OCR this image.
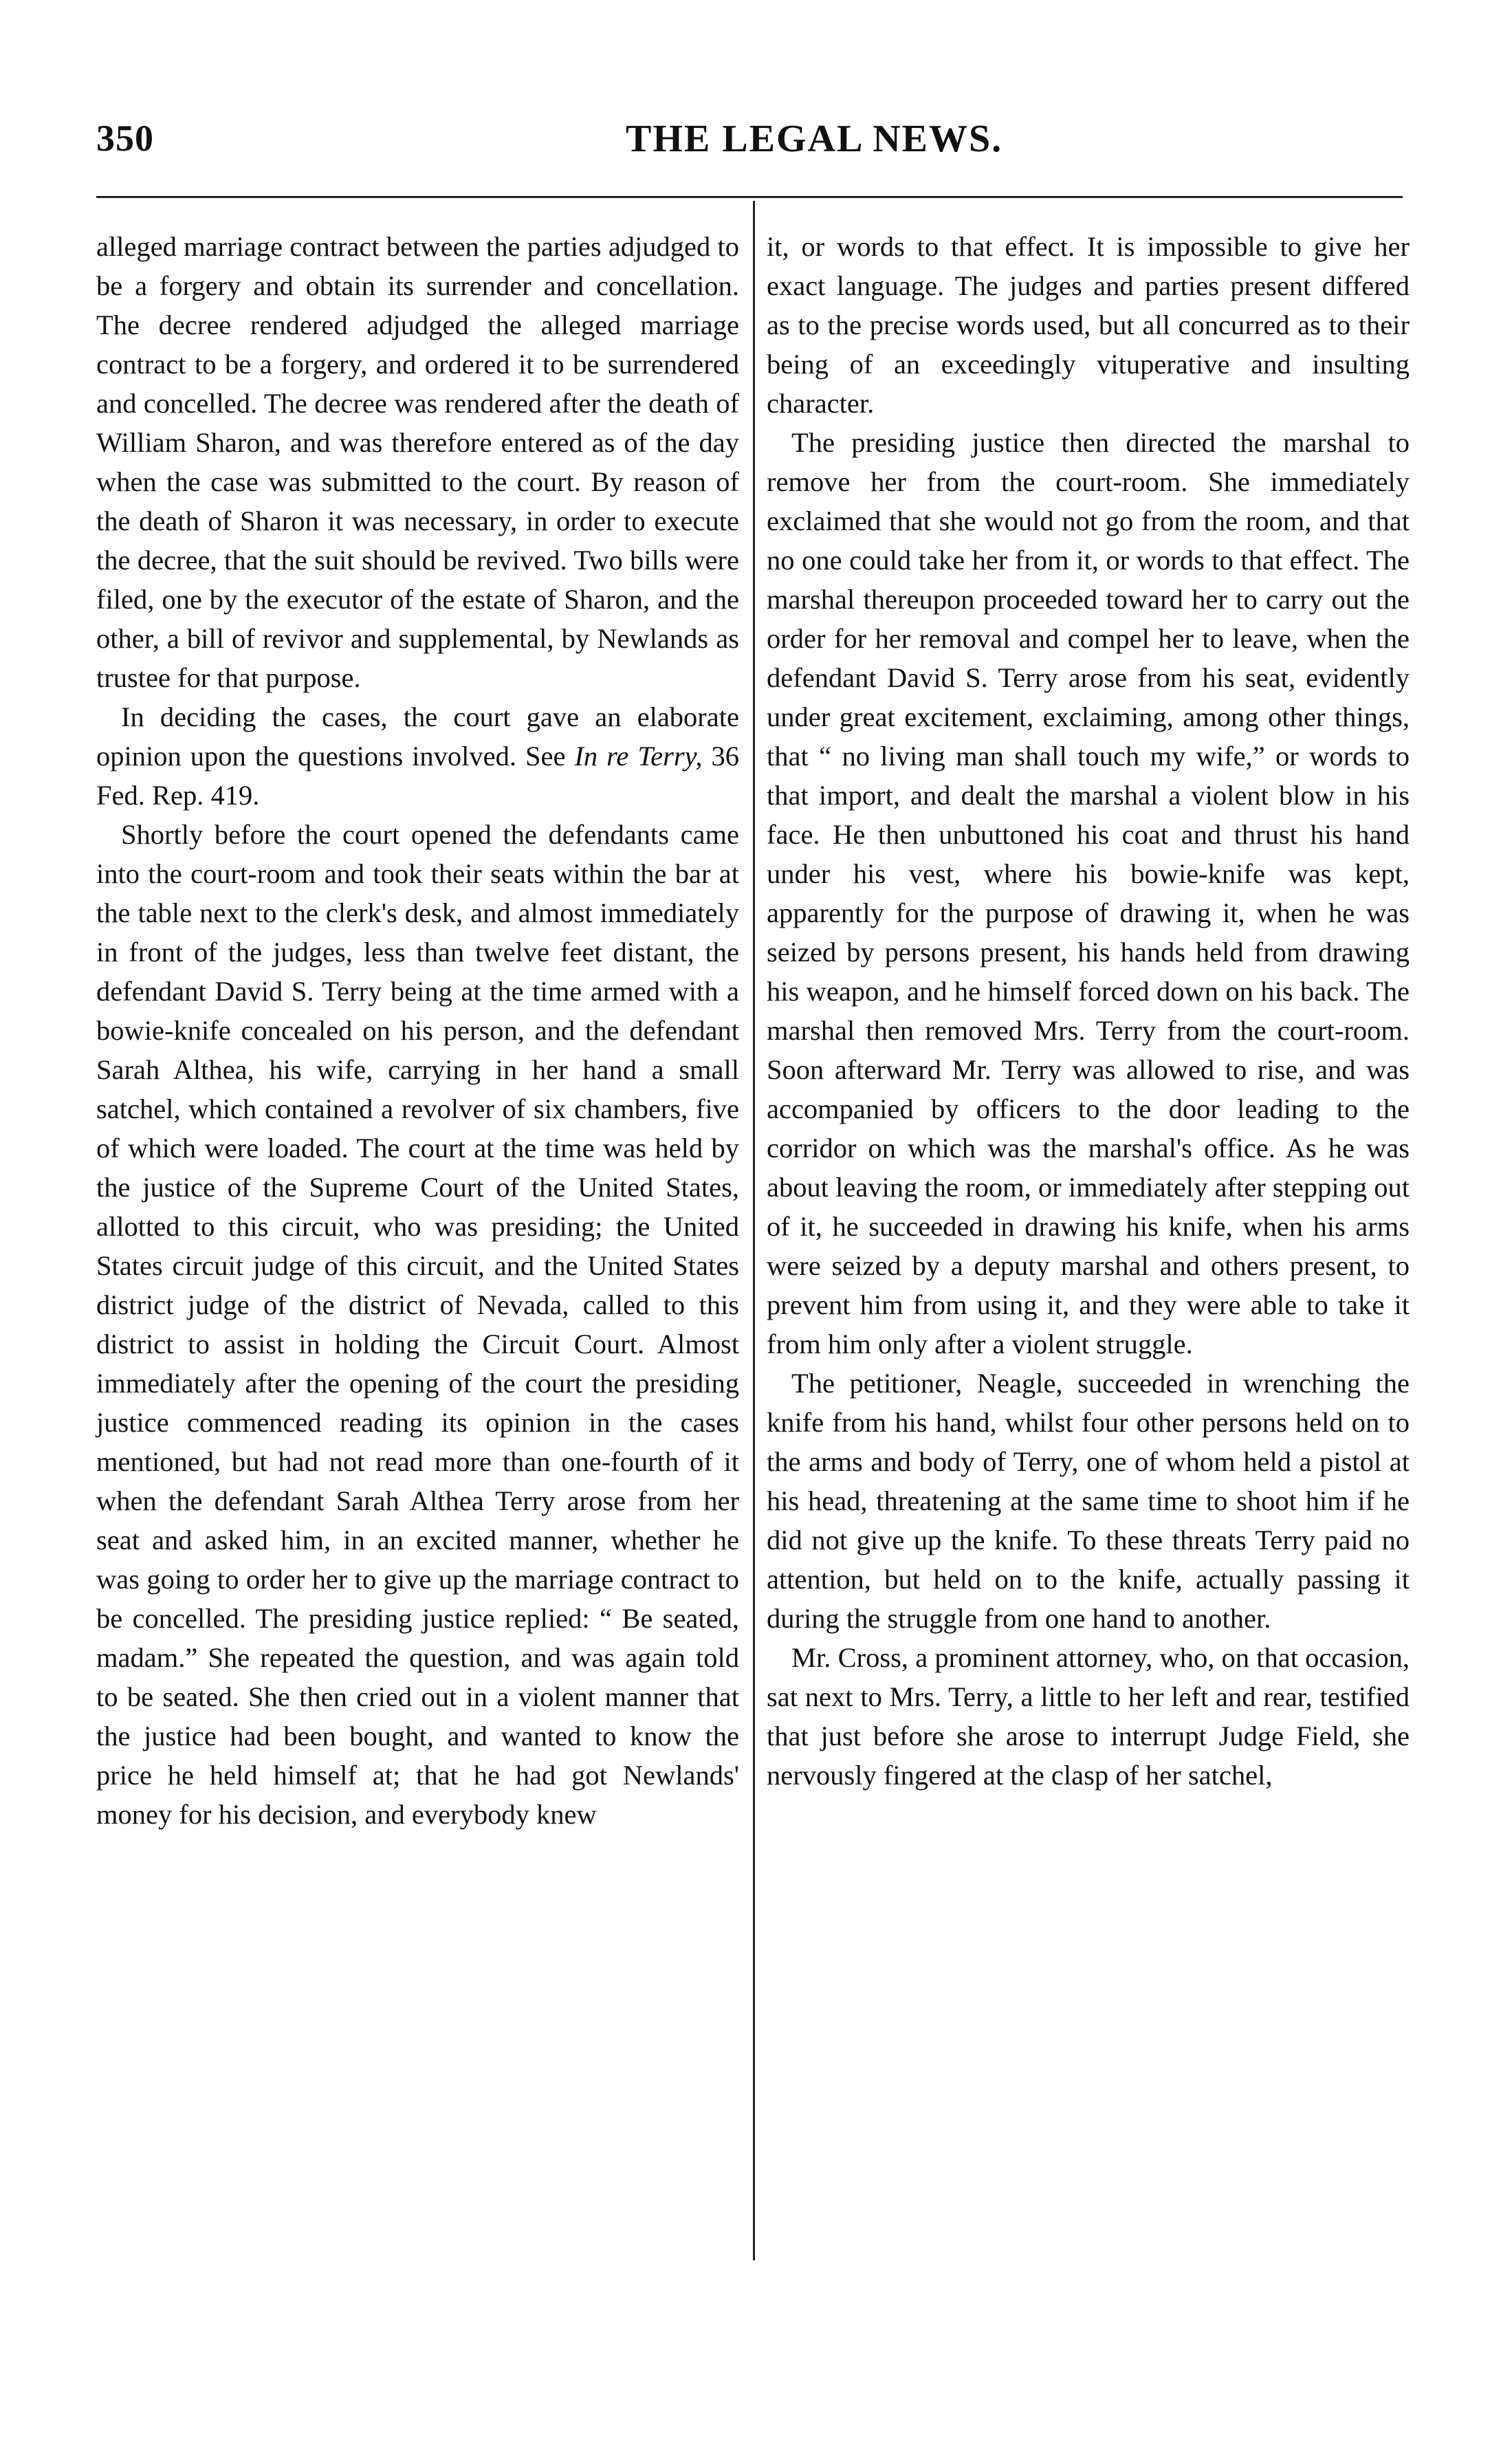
350	THE LEGAL NEWS.

alleged marriage contract between the parties adjudged to be a forgery and obtain its surrender and concellation. The decree rendered adjudged the alleged marriage contract to be a forgery, and ordered it to be surrendered and concelled. The decree was rendered after the death of William Sharon, and was therefore entered as of the day when the case was submitted to the court. By reason of the death of Sharon it was necessary, in order to execute the decree, that the suit should be revived. Two bills were filed, one by the executor of the estate of Sharon, and the other, a bill of revivor and supplemental, by Newlands as trustee for that purpose.

In deciding the cases, the court gave an elaborate opinion upon the questions involved. See In re Terry, 36 Fed. Rep. 419.

Shortly before the court opened the defendants came into the court-room and took their seats within the bar at the table next to the clerk's desk, and almost immediately in front of the judges, less than twelve feet distant, the defendant David S. Terry being at the time armed with a bowie-knife concealed on his person, and the defendant Sarah Althea, his wife, carrying in her hand a small satchel, which contained a revolver of six chambers, five of which were loaded. The court at the time was held by the justice of the Supreme Court of the United States, allotted to this circuit, who was presiding; the United States circuit judge of this circuit, and the United States district judge of the district of Nevada, called to this district to assist in holding the Circuit Court. Almost immediately after the opening of the court the presiding justice commenced reading its opinion in the cases mentioned, but had not read more than one-fourth of it when the defendant Sarah Althea Terry arose from her seat and asked him, in an excited manner, whether he was going to order her to give up the marriage contract to be concelled. The presiding justice replied: “ Be seated, madam.” She repeated the question, and was again told to be seated. She then cried out in a violent manner that the justice had been bought, and wanted to know the price he held himself at; that he had got Newlands' money for his decision, and everybody knew

it, or words to that effect. It is impossible to give her exact language. The judges and parties present differed as to the precise words used, but all concurred as to their being of an exceedingly vituperative and insulting character.

The presiding justice then directed the marshal to remove her from the court-room. She immediately exclaimed that she would not go from the room, and that no one could take her from it, or words to that effect. The marshal thereupon proceeded toward her to carry out the order for her removal and compel her to leave, when the defendant David S. Terry arose from his seat, evidently under great excitement, exclaiming, among other things, that “ no living man shall touch my wife,” or words to that import, and dealt the marshal a violent blow in his face. He then unbuttoned his coat and thrust his hand under his vest, where his bowie-knife was kept, apparently for the purpose of drawing it, when he was seized by persons present, his hands held from drawing his weapon, and he himself forced down on his back. The marshal then removed Mrs. Terry from the court-room. Soon afterward Mr. Terry was allowed to rise, and was accompanied by officers to the door leading to the corridor on which was the marshal's office. As he was about leaving the room, or immediately after stepping out of it, he succeeded in drawing his knife, when his arms were seized by a deputy marshal and others present, to prevent him from using it, and they were able to take it from him only after a violent struggle.

The petitioner, Neagle, succeeded in wrenching the knife from his hand, whilst four other persons held on to the arms and body of Terry, one of whom held a pistol at his head, threatening at the same time to shoot him if he did not give up the knife. To these threats Terry paid no attention, but held on to the knife, actually passing it during the struggle from one hand to another.

Mr. Cross, a prominent attorney, who, on that occasion, sat next to Mrs. Terry, a little to her left and rear, testified that just before she arose to interrupt Judge Field, she nervously fingered at the clasp of her satchel,
